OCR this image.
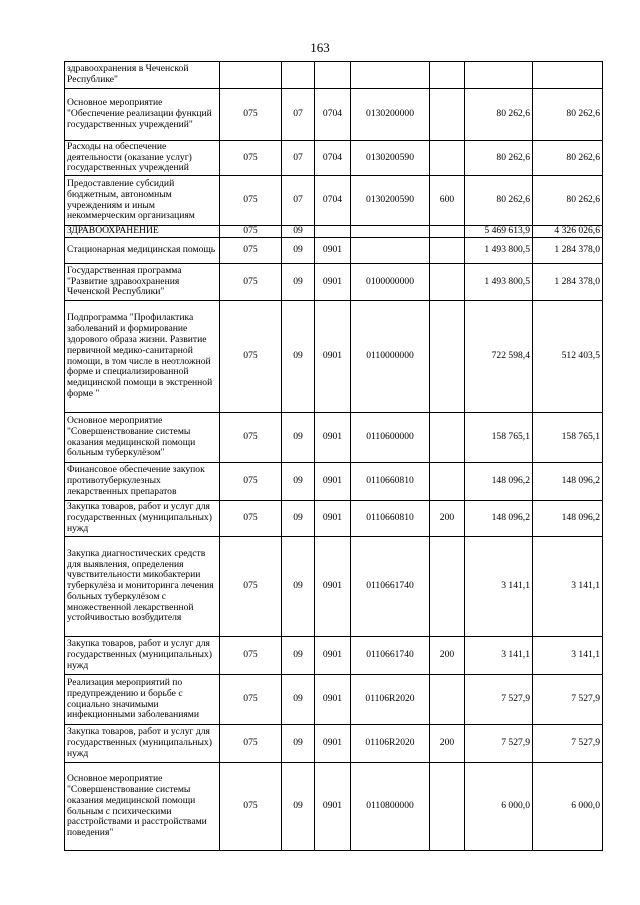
163
здравоохранения в Чеченской Республике"							
Основное мероприятие "Обеспечение реализации функций государственных учреждений"	075	07	0704	0130200000		80 262,6	80 262,6
Расходы на обеспечение деятельности (оказание услуг) государственных учреждений	075	07	0704	0130200590		80 262,6	80 262,6
Предоставление субсидий бюджетным, автономным учреждениям и иным некоммерческим организациям	075	07	0704	0130200590	600	80 262,6	80 262,6
ЗДРАВООХРАНЕНИЕ	075	09				5 469 613,9	4 326 026,6
Стационарная медицинская помощь	075	09	0901			1 493 800,5	1 284 378,0
Государственная программа "Развитие здравоохранения Чеченской Республики"	075	09	0901	0100000000		1 493 800,5	1 284 378,0
Подпрограмма "Профилактика заболеваний и формирование здорового образа жизни. Развитие первичной медико-санитарной помощи, в том числе в неотложной форме и специализированной медицинской помощи в экстренной форме "	075	09	0901	0110000000		722 598,4	512 403,5
Основное мероприятие "Совершенствование системы оказания медицинской помощи больным туберкулёзом"	075	09	0901	0110600000		158 765,1	158 765,1
Финансовое обеспечение закупок противотуберкулезных лекарственных препаратов	075	09	0901	0110660810		148 096,2	148 096,2
Закупка товаров, работ и услуг для государственных (муниципальных) нужд	075	09	0901	0110660810	200	148 096,2	148 096,2
Закупка диагностических средств для выявления, определения чувствительности микобактерии туберкулёза и мониторинга лечения больных туберкулёзом с множественной лекарственной устойчивостью возбудителя	075	09	0901	0110661740		3 141,1	3 141,1
Закупка товаров, работ и услуг для государственных (муниципальных) нужд	075	09	0901	0110661740	200	3 141,1	3 141,1
Реализация мероприятий по предупреждению и борьбе с социально значимыми инфекционными заболеваниями	075	09	0901	01106R2020		7 527,9	7 527,9
Закупка товаров, работ и услуг для государственных (муниципальных) нужд	075	09	0901	01106R2020	200	7 527,9	7 527,9
Основное мероприятие "Совершенствование системы оказания медицинской помощи больным с психическими расстройствами и расстройствами поведения"	075	09	0901	0110800000		6 000,0	6 000,0
